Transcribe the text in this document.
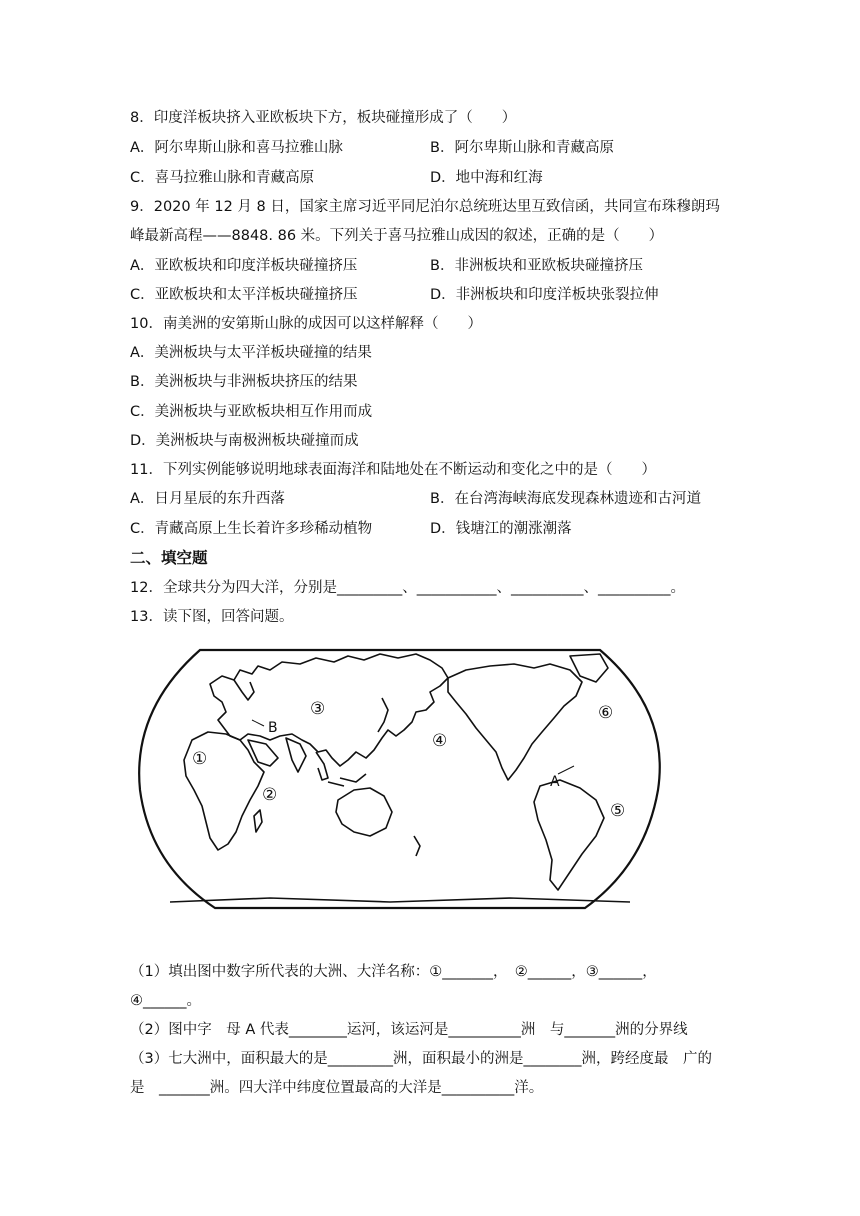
8．印度洋板块挤入亚欧板块下方，板块碰撞形成了（　　）
A．阿尔卑斯山脉和喜马拉雅山脉	B．阿尔卑斯山脉和青藏高原
C．喜马拉雅山脉和青藏高原	D．地中海和红海
9．2020 年 12 月 8 日，国家主席习近平同尼泊尔总统班达里互致信函，共同宣布珠穆朗玛
峰最新高程——8848. 86 米。下列关于喜马拉雅山成因的叙述，正确的是（　　）
A．亚欧板块和印度洋板块碰撞挤压	B．非洲板块和亚欧板块碰撞挤压
C．亚欧板块和太平洋板块碰撞挤压	D．非洲板块和印度洋板块张裂拉伸
10．南美洲的安第斯山脉的成因可以这样解释（　　）
A．美洲板块与太平洋板块碰撞的结果
B．美洲板块与非洲板块挤压的结果
C．美洲板块与亚欧板块相互作用而成
D．美洲板块与南极洲板块碰撞而成
11．下列实例能够说明地球表面海洋和陆地处在不断运动和变化之中的是（　　）
A．日月星辰的东升西落	B．在台湾海峡海底发现森林遗迹和古河道
C．青藏高原上生长着许多珍稀动植物	D．钱塘江的潮涨潮落
二、填空题
12．全球共分为四大洋，分别是_________、___________、__________、__________。
13．读下图，回答问题。
①
②
③
④
⑤
⑥
A
B
（1）填出图中数字所代表的大洲、大洋名称：①_______，　②______，③______，
④______。
（2）图中字　母 A 代表________运河，该运河是__________洲　与_______洲的分界线
（3）七大洲中，面积最大的是_________洲，面积最小的洲是________洲，跨经度最　广的
是　_______洲。四大洋中纬度位置最高的大洋是__________洋。
